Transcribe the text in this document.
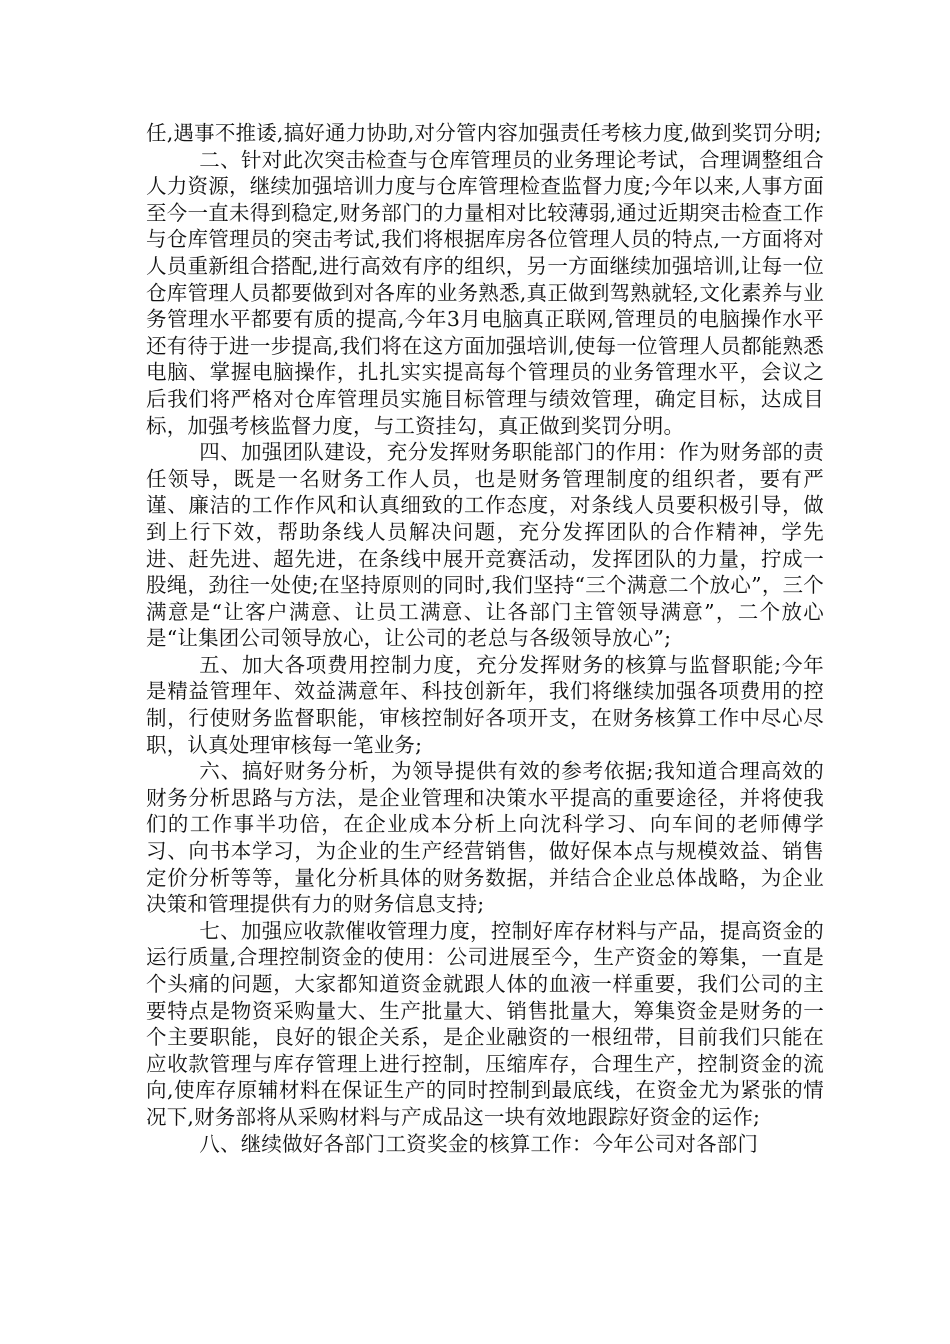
任,遇事不推诿,搞好通力协助,对分管内容加强责任考核力度,做到奖罚分明;

二、针对此次突击检查与仓库管理员的业务理论考试，合理调整组合人力资源，继续加强培训力度与仓库管理检查监督力度;今年以来,人事方面至今一直未得到稳定,财务部门的力量相对比较薄弱,通过近期突击检查工作与仓库管理员的突击考试,我们将根据库房各位管理人员的特点,一方面将对人员重新组合搭配,进行高效有序的组织，另一方面继续加强培训,让每一位仓库管理人员都要做到对各库的业务熟悉,真正做到驾熟就轻,文化素养与业务管理水平都要有质的提高,今年3月电脑真正联网,管理员的电脑操作水平还有待于进一步提高,我们将在这方面加强培训,使每一位管理人员都能熟悉电脑、掌握电脑操作，扎扎实实提高每个管理员的业务管理水平，会议之后我们将严格对仓库管理员实施目标管理与绩效管理，确定目标，达成目标，加强考核监督力度，与工资挂勾，真正做到奖罚分明。

四、加强团队建设，充分发挥财务职能部门的作用：作为财务部的责任领导，既是一名财务工作人员，也是财务管理制度的组织者，要有严谨、廉洁的工作作风和认真细致的工作态度，对条线人员要积极引导，做到上行下效，帮助条线人员解决问题，充分发挥团队的合作精神，学先进、赶先进、超先进，在条线中展开竞赛活动，发挥团队的力量，拧成一股绳，劲往一处使;在坚持原则的同时,我们坚持“三个满意二个放心”，三个满意是“让客户满意、让员工满意、让各部门主管领导满意”，二个放心是“让集团公司领导放心，让公司的老总与各级领导放心”;

五、加大各项费用控制力度，充分发挥财务的核算与监督职能;今年是精益管理年、效益满意年、科技创新年，我们将继续加强各项费用的控制，行使财务监督职能，审核控制好各项开支，在财务核算工作中尽心尽职，认真处理审核每一笔业务;

六、搞好财务分析，为领导提供有效的参考依据;我知道合理高效的财务分析思路与方法，是企业管理和决策水平提高的重要途径，并将使我们的工作事半功倍，在企业成本分析上向沈科学习、向车间的老师傅学习、向书本学习，为企业的生产经营销售，做好保本点与规模效益、销售定价分析等等，量化分析具体的财务数据，并结合企业总体战略，为企业决策和管理提供有力的财务信息支持;

七、加强应收款催收管理力度，控制好库存材料与产品，提高资金的运行质量,合理控制资金的使用：公司进展至今，生产资金的筹集，一直是个头痛的问题，大家都知道资金就跟人体的血液一样重要，我们公司的主要特点是物资采购量大、生产批量大、销售批量大，筹集资金是财务的一个主要职能，良好的银企关系，是企业融资的一根纽带，目前我们只能在应收款管理与库存管理上进行控制，压缩库存，合理生产，控制资金的流向,使库存原辅材料在保证生产的同时控制到最底线，在资金尤为紧张的情况下,财务部将从采购材料与产成品这一块有效地跟踪好资金的运作;

八、继续做好各部门工资奖金的核算工作：今年公司对各部门
